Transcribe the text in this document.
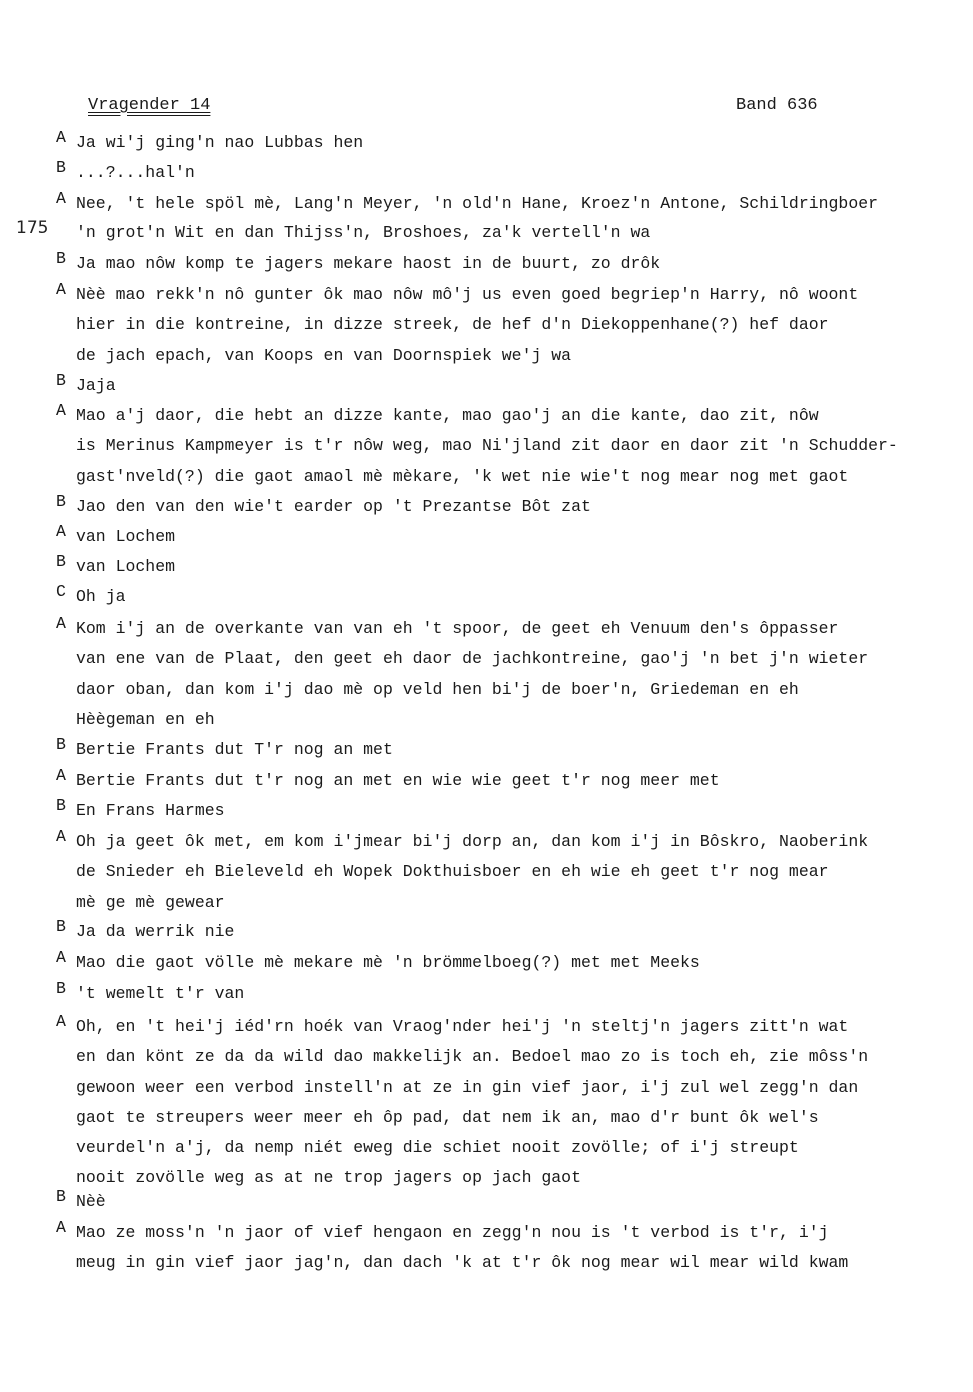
Vragender 14	Band 636
175
A Ja wi'j ging'n nao Lubbas hen
B ...?...hal'n
A Nee, 't hele spöl mè, Lang'n Meyer, 'n old'n Hane, Kroez'n Antone, Schildringboer
'n grot'n Wit en dan Thijss'n, Broshoes, za'k vertell'n wa
B Ja mao nôw komp te jagers mekare haost in de buurt, zo drôk
A Nèè mao rekk'n nô gunter ôk mao nôw mô'j us even goed begriep'n Harry, nô woont
hier in die kontreine, in dizze streek, de hef d'n Diekoppenhane(?) hef daor
de jach epach, van Koops en van Doornspiek we'j wa
B Jaja
A Mao a'j daor, die hebt an dizze kante, mao gao'j an die kante, dao zit, nôw
is Merinus Kampmeyer is t'r nôw weg, mao Ni'jland zit daor en daor zit 'n Schudder-
gast'nveld(?) die gaot amaol mè mèkare, 'k wet nie wie't nog mear nog met gaot
B Jao den van den wie't earder op 't Prezantse Bôt zat
A van Lochem
B van Lochem
C Oh ja
A Kom i'j an de overkante van van eh 't spoor, de geet eh Venuum den's ôppasser
van ene van de Plaat, den geet eh daor de jachkontreine, gao'j 'n bet j'n wieter
daor oban, dan kom i'j dao mè op veld hen bi'j de boer'n, Griedeman en eh
Hèègeman en eh
B Bertie Frants dut T'r nog an met
A Bertie Frants dut t'r nog an met en wie wie geet t'r nog meer met
B En Frans Harmes
A Oh ja geet ôk met, em kom i'jmear bi'j dorp an, dan kom i'j in Bôskro, Naoberink
de Snieder eh Bieleveld eh Wopek Dokthuisboer en eh wie eh geet t'r nog mear
mè ge mè gewear
B Ja da werrik nie
A Mao die gaot völle mè mekare mè 'n brömmelboeg(?) met met Meeks
B 't wemelt t'r van
A Oh, en 't hei'j iéd'rn hoék van Vraog'nder hei'j 'n steltj'n jagers zitt'n wat
en dan könt ze da da wild dao makkelijk an. Bedoel mao zo is toch eh, zie môss'n
gewoon weer een verbod instell'n at ze in gin vief jaor, i'j zul wel zegg'n dan
gaot te streupers weer meer eh ôp pad, dat nem ik an, mao d'r bunt ôk wel's
veurdel'n a'j, da nemp niét eweg die schiet nooit zovölle; of i'j streupt
nooit zovölle weg as at ne trop jagers op jach gaot
B Nèè
A Mao ze moss'n 'n jaor of vief hengaon en zegg'n nou is 't verbod is t'r, i'j
meug in gin vief jaor jag'n, dan dach 'k at t'r ôk nog mear wil mear wild kwam
